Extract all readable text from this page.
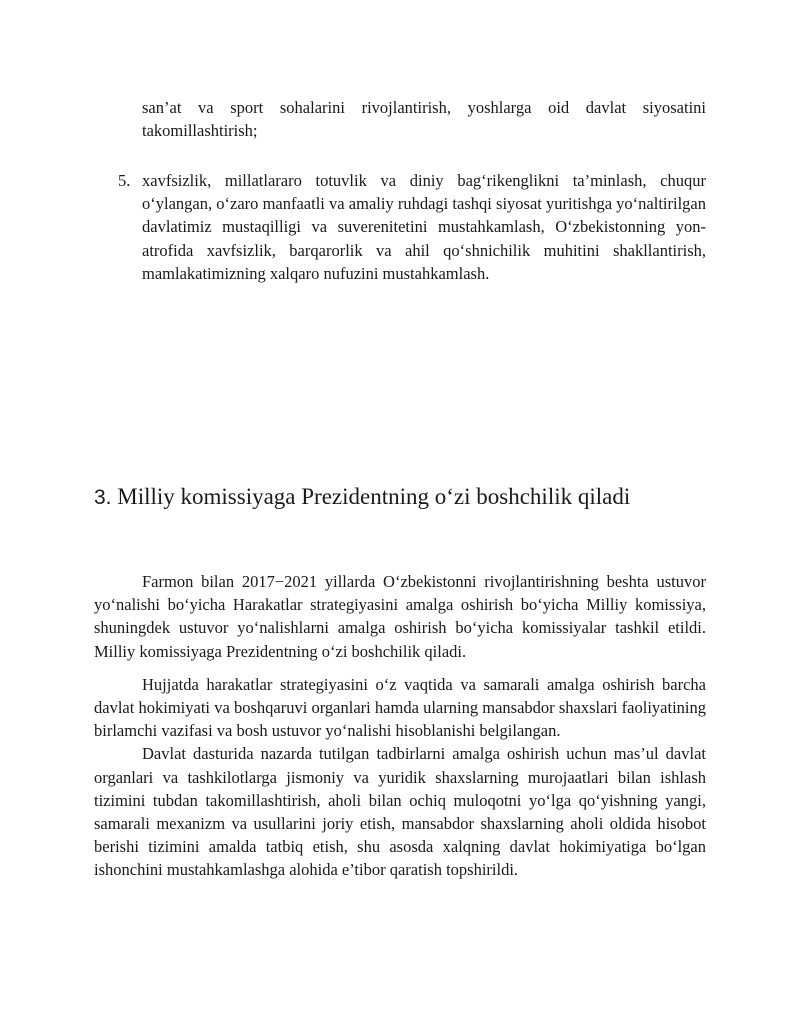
san’at va sport sohalarini rivojlantirish, yoshlarga oid davlat siyosatini takomillashtirish;
5. xavfsizlik, millatlararo totuvlik va diniy bag‘rikenglikni ta’minlash, chuqur o‘ylangan, o‘zaro manfaatli va amaliy ruhdagi tashqi siyosat yuritishga yo‘naltirilgan davlatimiz mustaqilligi va suverenitetini mustahkamlash, O‘zbekistonning yon-atrofida xavfsizlik, barqarorlik va ahil qo‘shnichilik muhitini shakllantirish, mamlakatimizning xalqaro nufuzini mustahkamlash.
3. Milliy komissiyaga Prezidentning o‘zi boshchilik qiladi

Farmon bilan 2017−2021 yillarda O‘zbekistonni rivojlantirishning beshta ustuvor yo‘nalishi bo‘yicha Harakatlar strategiyasini amalga oshirish bo‘yicha Milliy komissiya, shuningdek ustuvor yo‘nalishlarni amalga oshirish bo‘yicha komissiyalar tashkil etildi. Milliy komissiyaga Prezidentning o‘zi boshchilik qiladi.

Hujjatda harakatlar strategiyasini o‘z vaqtida va samarali amalga oshirish barcha davlat hokimiyati va boshqaruvi organlari hamda ularning mansabdor shaxslari faoliyatining birlamchi vazifasi va bosh ustuvor yo‘nalishi hisoblanishi belgilangan.

Davlat dasturida nazarda tutilgan tadbirlarni amalga oshirish uchun mas’ul davlat organlari va tashkilotlarga jismoniy va yuridik shaxslarning murojaatlari bilan ishlash tizimini tubdan takomillashtirish, aholi bilan ochiq muloqotni yo‘lga qo‘yishning yangi, samarali mexanizm va usullarini joriy etish, mansabdor shaxslarning aholi oldida hisobot berishi tizimini amalda tatbiq etish, shu asosda xalqning davlat hokimiyatiga bo‘lgan ishonchini mustahkamlashga alohida e’tibor qaratish topshirildi.
